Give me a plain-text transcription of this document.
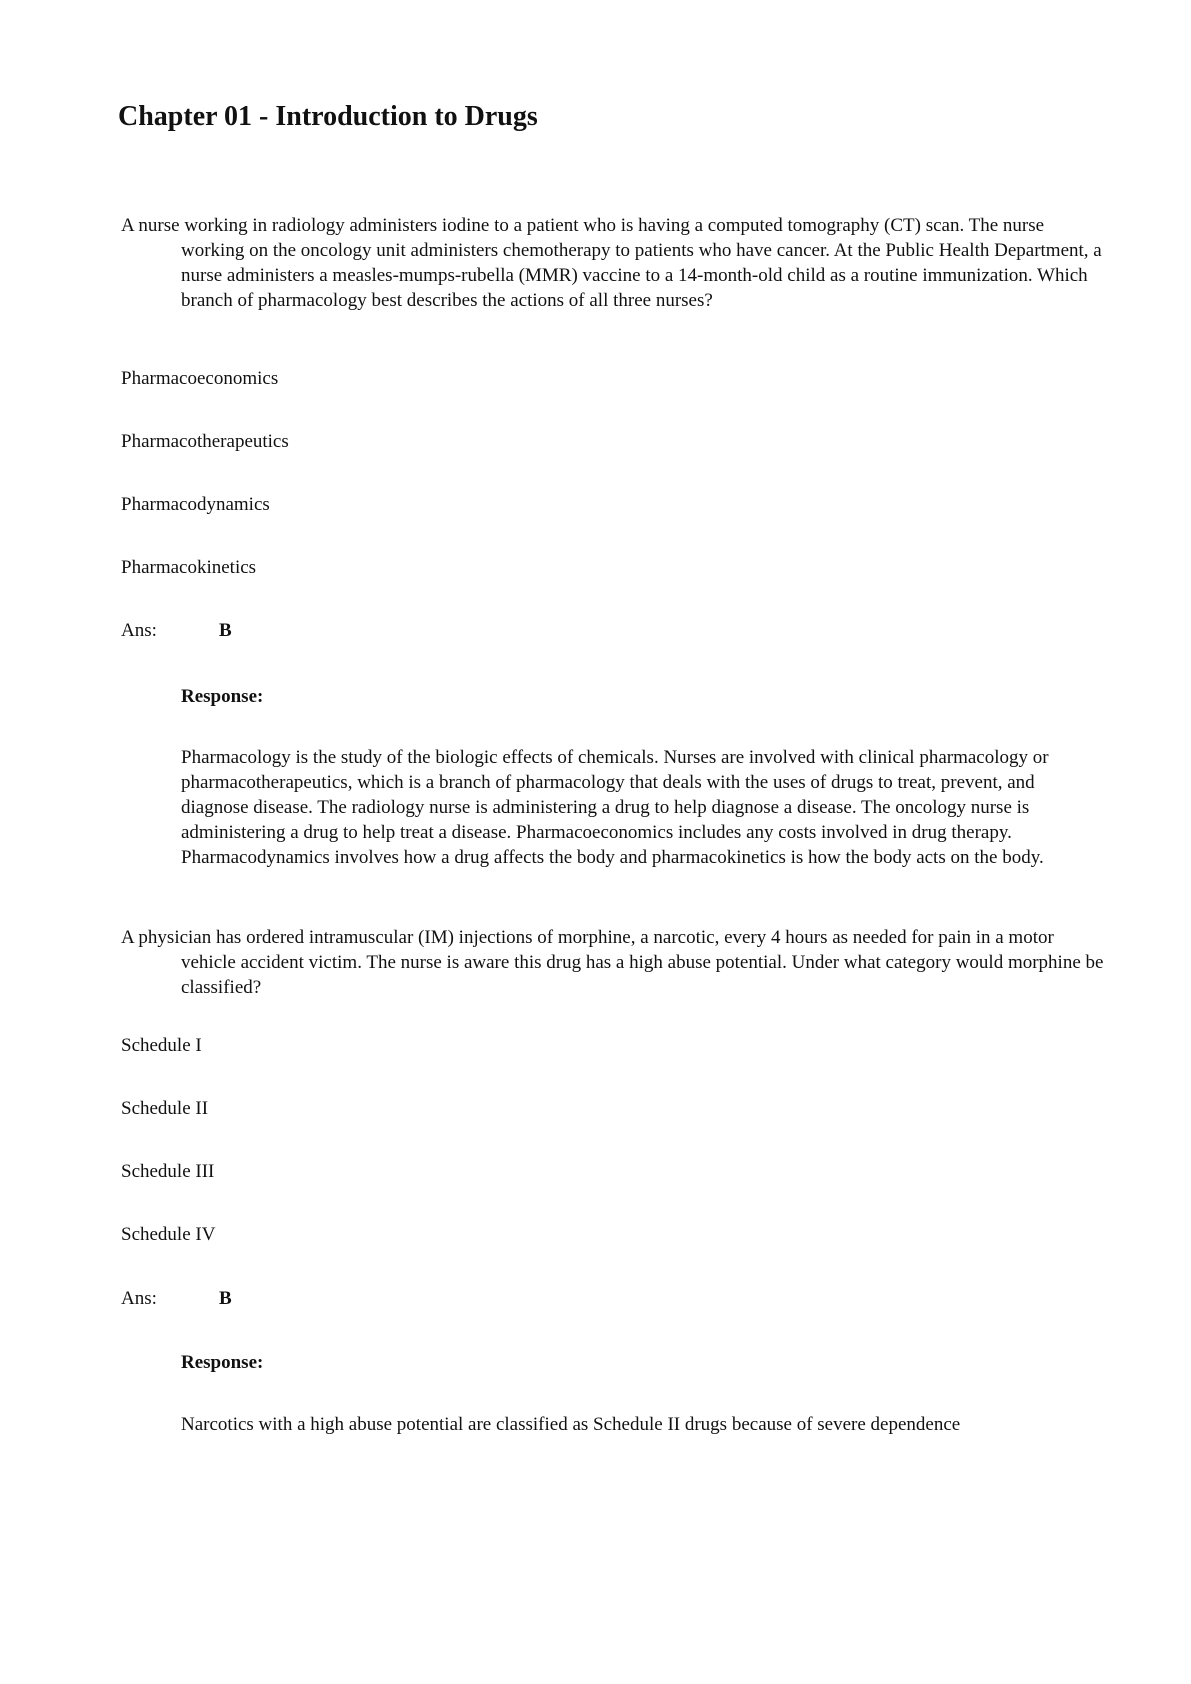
Chapter 01 - Introduction to Drugs

A nurse working in radiology administers iodine to a patient who is having a computed tomography (CT) scan. The nurse working on the oncology unit administers chemotherapy to patients who have cancer. At the Public Health Department, a nurse administers a measles-mumps-rubella (MMR) vaccine to a 14-month-old child as a routine immunization. Which branch of pharmacology best describes the actions of all three nurses?

Pharmacoeconomics

Pharmacotherapeutics

Pharmacodynamics

Pharmacokinetics

Ans:	B

Response:

Pharmacology is the study of the biologic effects of chemicals. Nurses are involved with clinical pharmacology or pharmacotherapeutics, which is a branch of pharmacology that deals with the uses of drugs to treat, prevent, and diagnose disease. The radiology nurse is administering a drug to help diagnose a disease. The oncology nurse is administering a drug to help treat a disease. Pharmacoeconomics includes any costs involved in drug therapy. Pharmacodynamics involves how a drug affects the body and pharmacokinetics is how the body acts on the body.

A physician has ordered intramuscular (IM) injections of morphine, a narcotic, every 4 hours as needed for pain in a motor vehicle accident victim. The nurse is aware this drug has a high abuse potential. Under what category would morphine be classified?

Schedule I

Schedule II

Schedule III

Schedule IV

Ans:	B

Response:

Narcotics with a high abuse potential are classified as Schedule II drugs because of severe dependence
